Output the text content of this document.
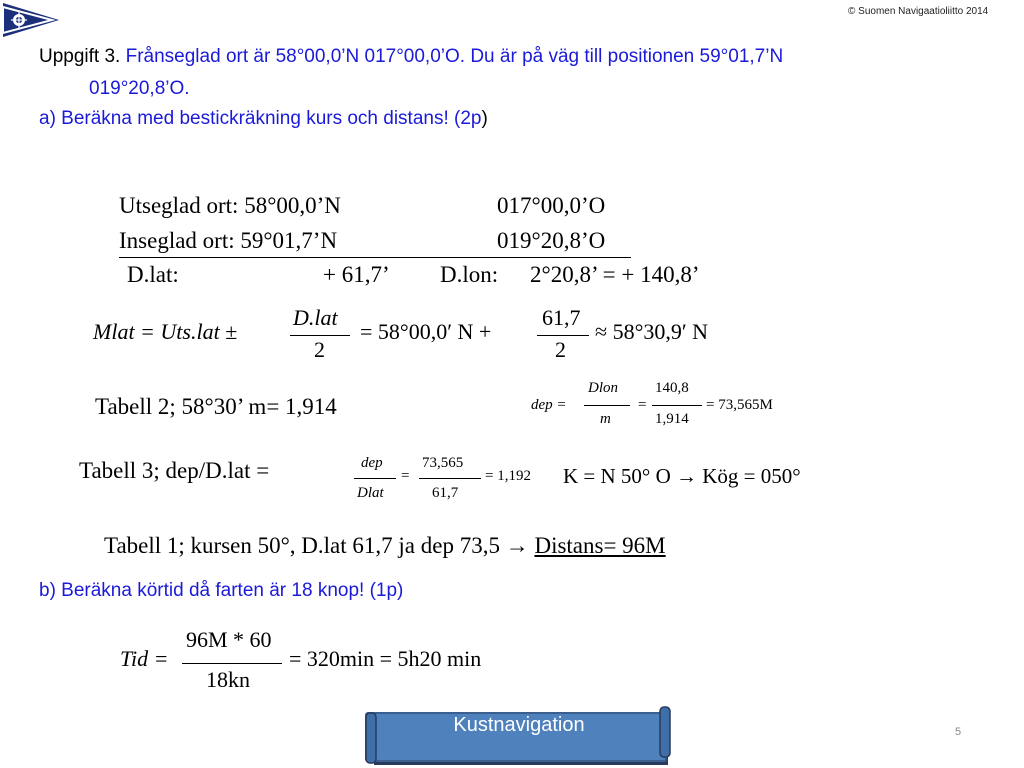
© Suomen Navigaatioliitto 2014
Uppgift 3. Frånseglad ort är 58°00,0’N 017°00,0’O. Du är på väg till positionen 59°01,7’N
019°20,8’O.
a) Beräkna med bestickräkning kurs och distans! (2p)
Utseglad ort: 58°00,0’N	017°00,0’O
Inseglad ort: 59°01,7’N	019°20,8’O
D.lat:	+ 61,7’ D.lon: 2°20,8’ = + 140,8’
Mlat = Uts.lat ±
D.lat
2
= 58°00,0′ N +
61,7
2
≈ 58°30,9′ N
Tabell 2; 58°30’ m= 1,914	dep =
Dlon
m
=
140,8
1,914
= 73,565M
Tabell 3; dep/D.lat =	dep
Dlat
=
73,565
61,7
= 1,192 K = N 50° O → Kög = 050°
Tabell 1; kursen 50°, D.lat 61,7 ja dep 73,5 → Distans= 96M
b) Beräkna körtid då farten är 18 knop! (1p)
Tid =
96M * 60
18kn
= 320min = 5h20 min
Kustnavigation	5
